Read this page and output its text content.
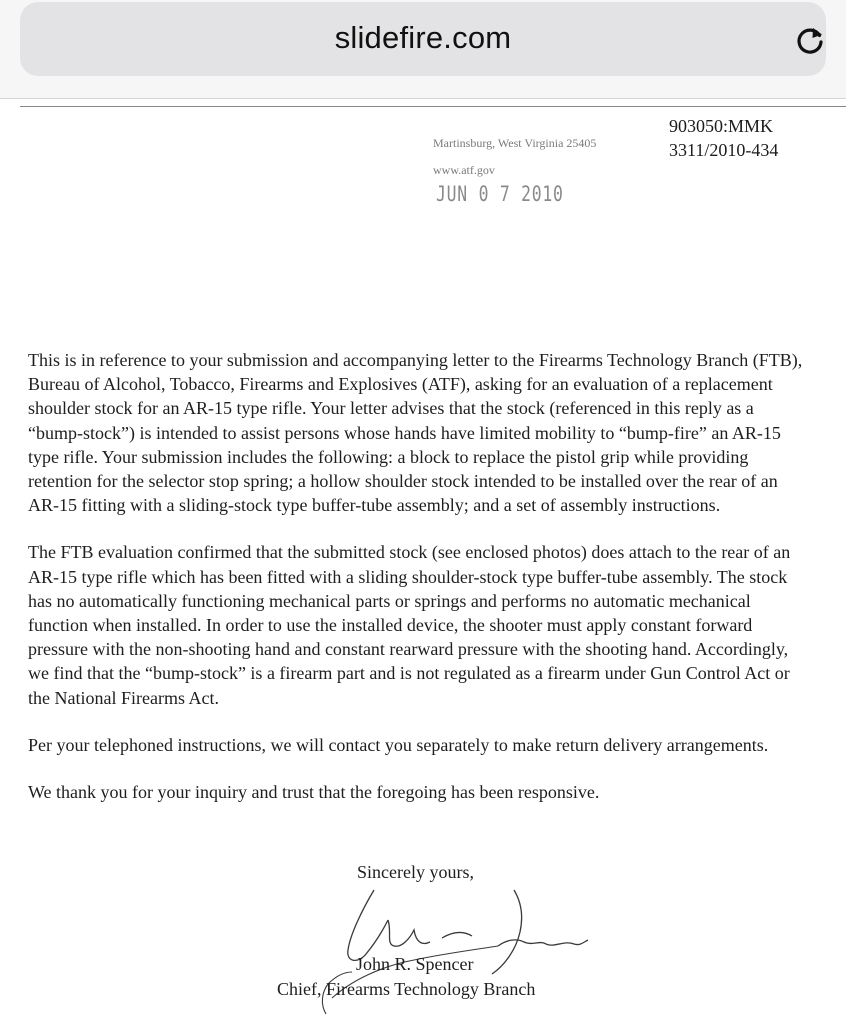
slidefire.com
Martinsburg, West Virginia 25405
www.atf.gov
903050:MMK
3311/2010-434
JUN 0 7 2010

This is in reference to your submission and accompanying letter to the Firearms Technology Branch (FTB), Bureau of Alcohol, Tobacco, Firearms and Explosives (ATF), asking for an evaluation of a replacement shoulder stock for an AR-15 type rifle. Your letter advises that the stock (referenced in this reply as a “bump-stock”) is intended to assist persons whose hands have limited mobility to “bump-fire” an AR-15 type rifle. Your submission includes the following: a block to replace the pistol grip while providing retention for the selector stop spring; a hollow shoulder stock intended to be installed over the rear of an AR-15 fitting with a sliding-stock type buffer-tube assembly; and a set of assembly instructions.

The FTB evaluation confirmed that the submitted stock (see enclosed photos) does attach to the rear of an AR-15 type rifle which has been fitted with a sliding shoulder-stock type buffer-tube assembly. The stock has no automatically functioning mechanical parts or springs and performs no automatic mechanical function when installed. In order to use the installed device, the shooter must apply constant forward pressure with the non-shooting hand and constant rearward pressure with the shooting hand. Accordingly, we find that the “bump-stock” is a firearm part and is not regulated as a firearm under Gun Control Act or the National Firearms Act.

Per your telephoned instructions, we will contact you separately to make return delivery arrangements.

We thank you for your inquiry and trust that the foregoing has been responsive.

Sincerely yours,
John R. Spencer
Chief, Firearms Technology Branch
